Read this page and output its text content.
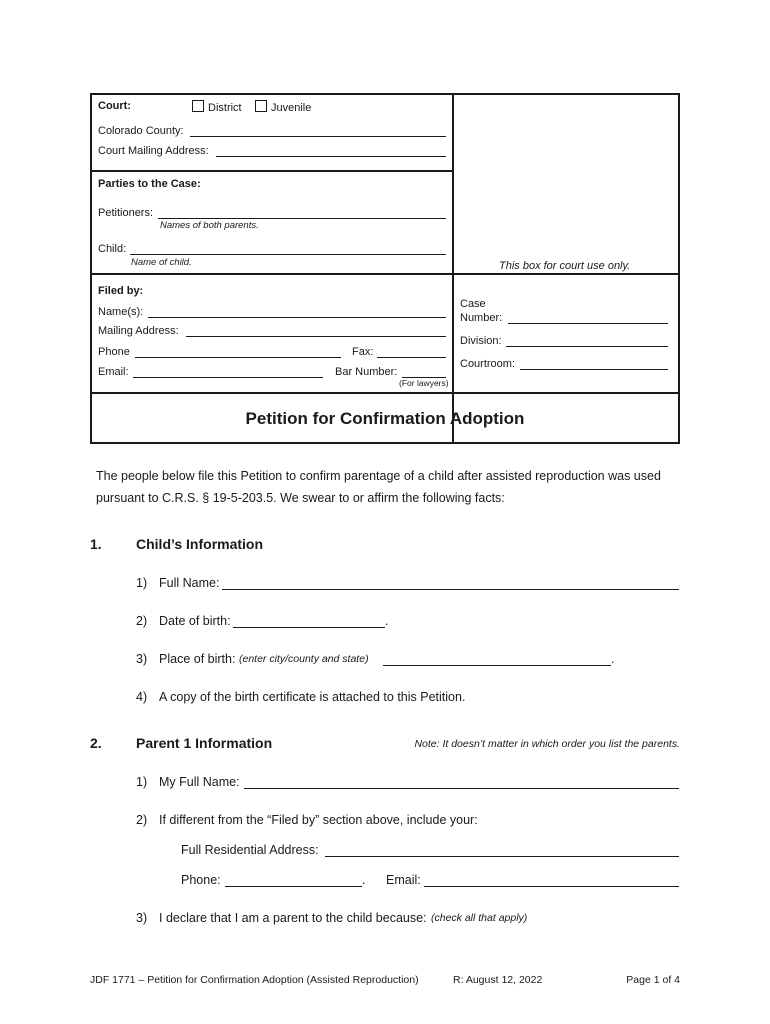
Court:	District	Juvenile
Colorado County:
Court Mailing Address:
Parties to the Case:
Petitioners:
Names of both parents.
Child:
Name of child.	This box for court use only.
Filed by:
Name(s):
Mailing Address:
Phone	Fax:
Email:	Bar Number:
(For lawyers)
Case
Number:
Division:
Courtroom:
Petition for Confirmation Adoption
The people below file this Petition to confirm parentage of a child after assisted reproduction was used
pursuant to C.R.S. § 19-5-203.5. We swear to or affirm the following facts:
1. Child’s Information
1) Full Name:
2) Date of birth:	.
3) Place of birth: (enter city/county and state)	.
4) A copy of the birth certificate is attached to this Petition.
2. Parent 1 Information	Note: It doesn’t matter in which order you list the parents.
1) My Full Name:
2) If different from the “Filed by” section above, include your:
Full Residential Address:
Phone:	. Email:
3) I declare that I am a parent to the child because: (check all that apply)
JDF 1771 – Petition for Confirmation Adoption (Assisted Reproduction)	R: August 12, 2022	Page 1 of 4
